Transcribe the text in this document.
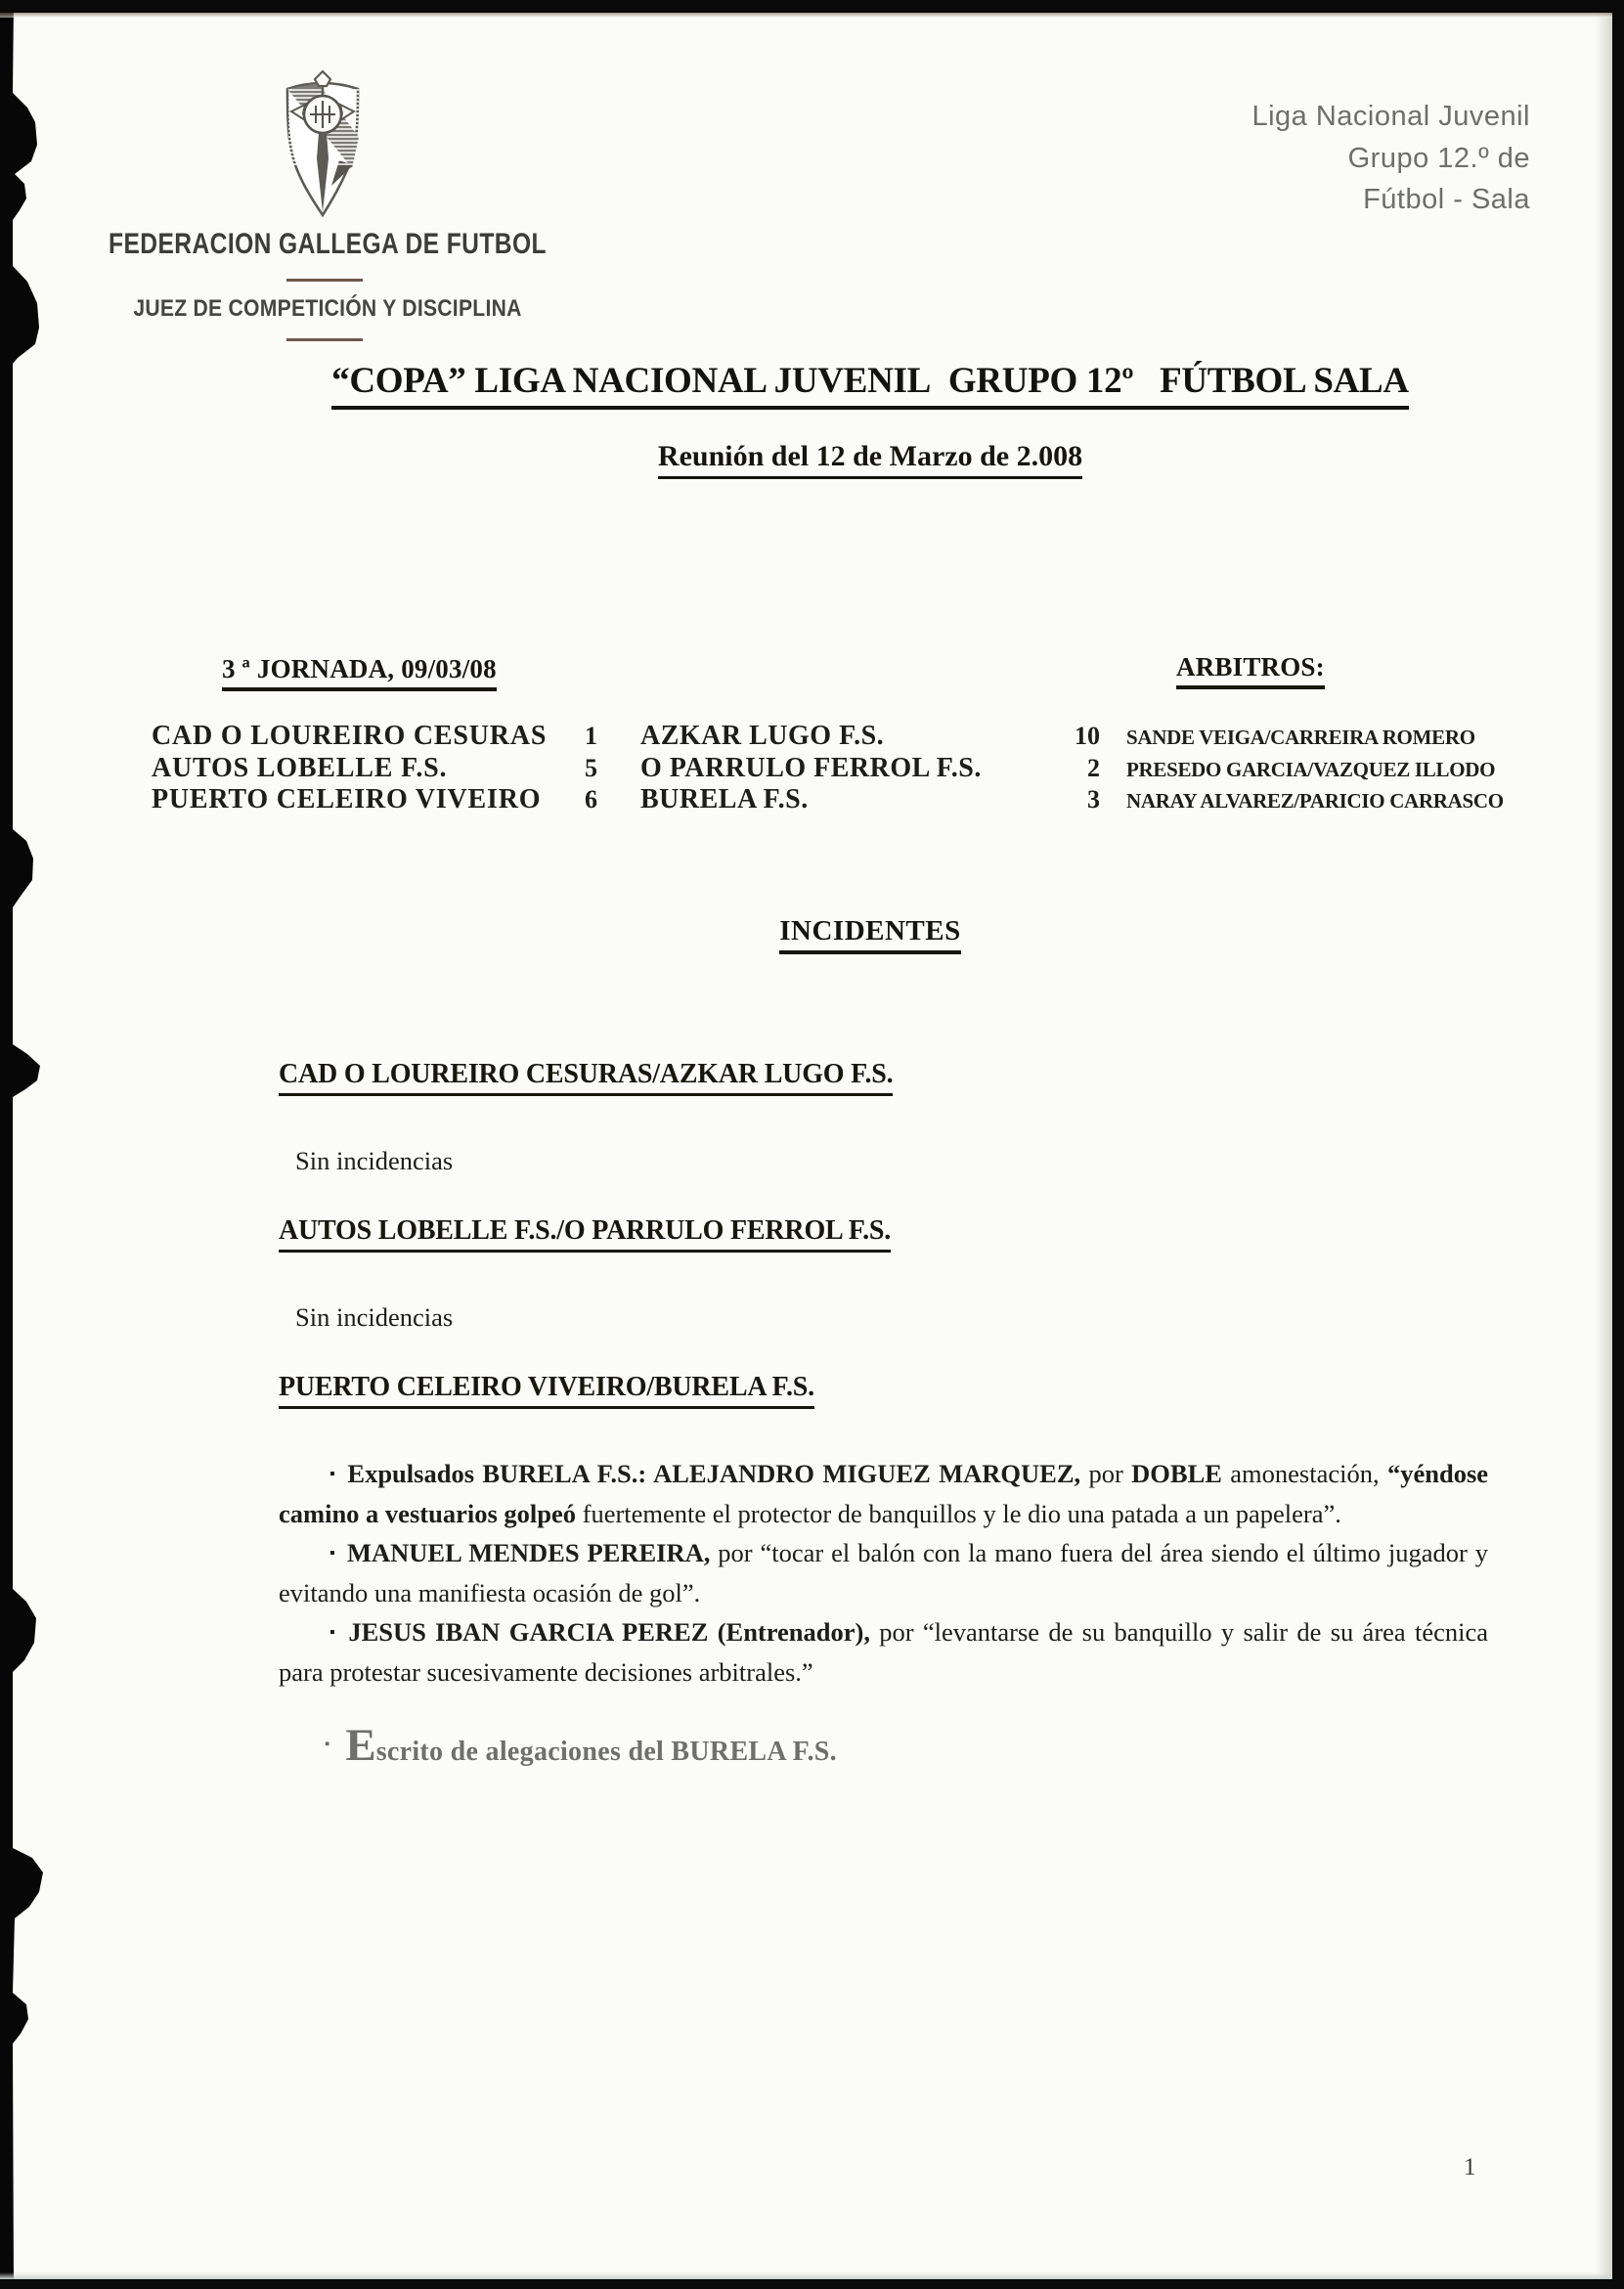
FEDERACION GALLEGA DE FUTBOL
JUEZ DE COMPETICIÓN Y DISCIPLINA
Liga Nacional Juvenil
Grupo 12.º de
Fútbol - Sala
“COPA” LIGA NACIONAL JUVENIL  GRUPO 12º   FÚTBOL SALA
Reunión del 12 de Marzo de 2.008
3 ª JORNADA, 09/03/08	ARBITROS:
CAD O LOUREIRO CESURAS	1	AZKAR LUGO F.S.	10	SANDE VEIGA/CARREIRA ROMERO
AUTOS LOBELLE F.S.	5	O PARRULO FERROL F.S.	2	PRESEDO GARCIA/VAZQUEZ ILLODO
PUERTO CELEIRO VIVEIRO	6	BURELA F.S.	3	NARAY ALVAREZ/PARICIO CARRASCO
INCIDENTES
CAD O LOUREIRO CESURAS/AZKAR LUGO F.S.

Sin incidencias

AUTOS LOBELLE F.S./O PARRULO FERROL F.S.

Sin incidencias

PUERTO CELEIRO VIVEIRO/BURELA F.S.

▪ Expulsados BURELA F.S.: ALEJANDRO MIGUEZ MARQUEZ, por DOBLE amonestación, “yéndose camino a vestuarios golpeó fuertemente el protector de banquillos y le dio una patada a un papelera”.

▪ MANUEL MENDES PEREIRA, por “tocar el balón con la mano fuera del área siendo el último jugador y evitando una manifiesta ocasión de gol”.

▪ JESUS IBAN GARCIA PEREZ (Entrenador), por “levantarse de su banquillo y salir de su área técnica para protestar sucesivamente decisiones arbitrales.”

▪ Escrito de alegaciones del BURELA F.S.
1
